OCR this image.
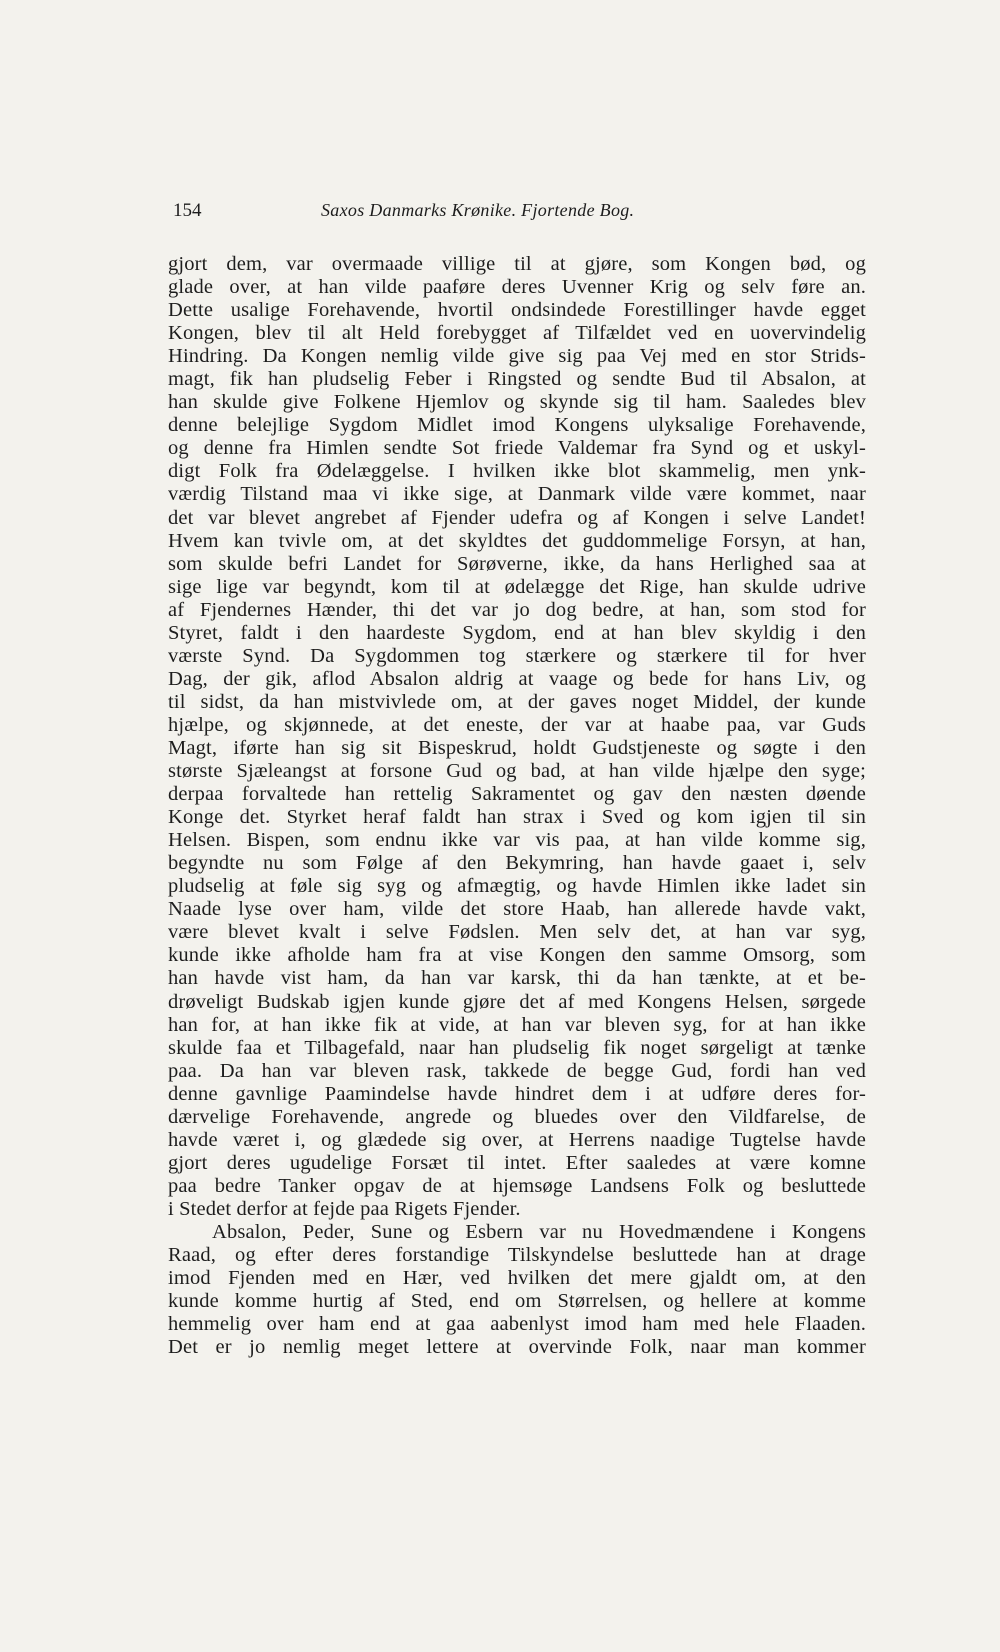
154	Saxos Danmarks Krønike. Fjortende Bog.
gjort dem, var overmaade villige til at gjøre, som Kongen bød, og
glade over, at han vilde paaføre deres Uvenner Krig og selv føre an.
Dette usalige Forehavende, hvortil ondsindede Forestillinger havde egget
Kongen, blev til alt Held forebygget af Tilfældet ved en uovervindelig
Hindring. Da Kongen nemlig vilde give sig paa Vej med en stor Strids-
magt, fik han pludselig Feber i Ringsted og sendte Bud til Absalon, at
han skulde give Folkene Hjemlov og skynde sig til ham. Saaledes blev
denne belejlige Sygdom Midlet imod Kongens ulyksalige Forehavende,
og denne fra Himlen sendte Sot friede Valdemar fra Synd og et uskyl-
digt Folk fra Ødelæggelse. I hvilken ikke blot skammelig, men ynk-
værdig Tilstand maa vi ikke sige, at Danmark vilde være kommet, naar
det var blevet angrebet af Fjender udefra og af Kongen i selve Landet!
Hvem kan tvivle om, at det skyldtes det guddommelige Forsyn, at han,
som skulde befri Landet for Sørøverne, ikke, da hans Herlighed saa at
sige lige var begyndt, kom til at ødelægge det Rige, han skulde udrive
af Fjendernes Hænder, thi det var jo dog bedre, at han, som stod for
Styret, faldt i den haardeste Sygdom, end at han blev skyldig i den
værste Synd. Da Sygdommen tog stærkere og stærkere til for hver
Dag, der gik, aflod Absalon aldrig at vaage og bede for hans Liv, og
til sidst, da han mistvivlede om, at der gaves noget Middel, der kunde
hjælpe, og skjønnede, at det eneste, der var at haabe paa, var Guds
Magt, iførte han sig sit Bispeskrud, holdt Gudstjeneste og søgte i den
største Sjæleangst at forsone Gud og bad, at han vilde hjælpe den syge;
derpaa forvaltede han rettelig Sakramentet og gav den næsten døende
Konge det. Styrket heraf faldt han strax i Sved og kom igjen til sin
Helsen. Bispen, som endnu ikke var vis paa, at han vilde komme sig,
begyndte nu som Følge af den Bekymring, han havde gaaet i, selv
pludselig at føle sig syg og afmægtig, og havde Himlen ikke ladet sin
Naade lyse over ham, vilde det store Haab, han allerede havde vakt,
være blevet kvalt i selve Fødslen. Men selv det, at han var syg,
kunde ikke afholde ham fra at vise Kongen den samme Omsorg, som
han havde vist ham, da han var karsk, thi da han tænkte, at et be-
drøveligt Budskab igjen kunde gjøre det af med Kongens Helsen, sørgede
han for, at han ikke fik at vide, at han var bleven syg, for at han ikke
skulde faa et Tilbagefald, naar han pludselig fik noget sørgeligt at tænke
paa. Da han var bleven rask, takkede de begge Gud, fordi han ved
denne gavnlige Paamindelse havde hindret dem i at udføre deres for-
dærvelige Forehavende, angrede og bluedes over den Vildfarelse, de
havde været i, og glædede sig over, at Herrens naadige Tugtelse havde
gjort deres ugudelige Forsæt til intet. Efter saaledes at være komne
paa bedre Tanker opgav de at hjemsøge Landsens Folk og besluttede
i Stedet derfor at fejde paa Rigets Fjender.
Absalon, Peder, Sune og Esbern var nu Hovedmændene i Kongens
Raad, og efter deres forstandige Tilskyndelse besluttede han at drage
imod Fjenden med en Hær, ved hvilken det mere gjaldt om, at den
kunde komme hurtig af Sted, end om Størrelsen, og hellere at komme
hemmelig over ham end at gaa aabenlyst imod ham med hele Flaaden.
Det er jo nemlig meget lettere at overvinde Folk, naar man kommer
